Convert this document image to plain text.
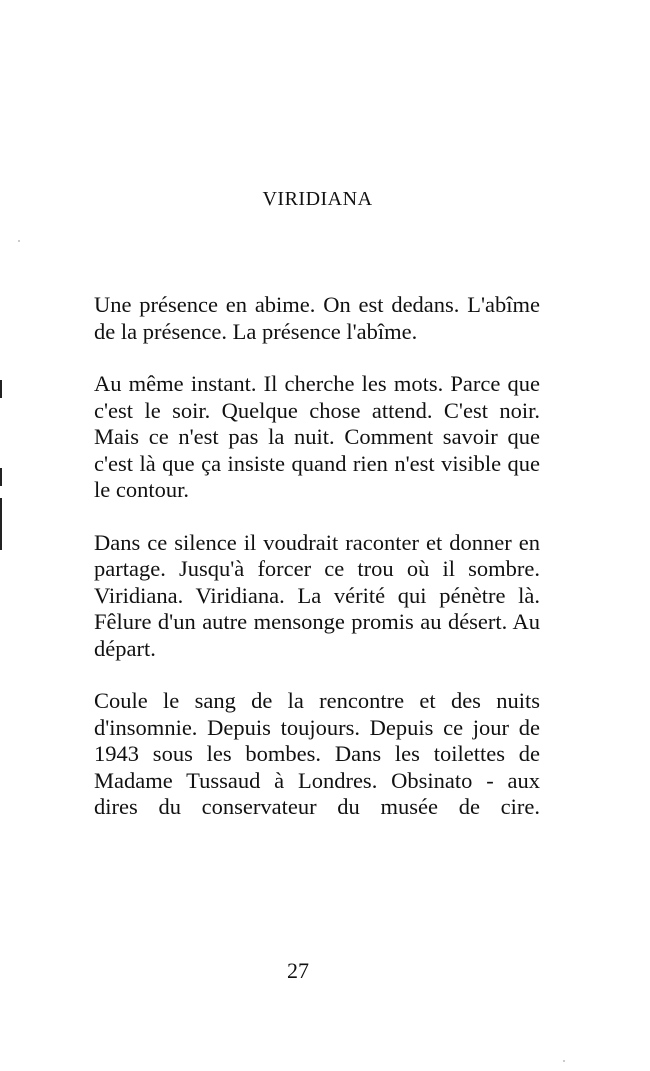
VIRIDIANA

Une présence en abime. On est dedans. L'abîme de la présence. La présence l'abîme.

Au même instant. Il cherche les mots. Parce que c'est le soir. Quelque chose attend. C'est noir. Mais ce n'est pas la nuit. Comment savoir que c'est là que ça insiste quand rien n'est visible que le contour.

Dans ce silence il voudrait raconter et donner en partage. Jusqu'à forcer ce trou où il sombre. Viridiana. Viridiana. La vérité qui pénètre là. Fêlure d'un autre mensonge promis au désert. Au départ.

Coule le sang de la rencontre et des nuits d'insomnie. Depuis toujours. Depuis ce jour de 1943 sous les bombes. Dans les toilettes de Madame Tussaud à Londres. Obsinato - aux dires du conservateur du musée de cire.

27
